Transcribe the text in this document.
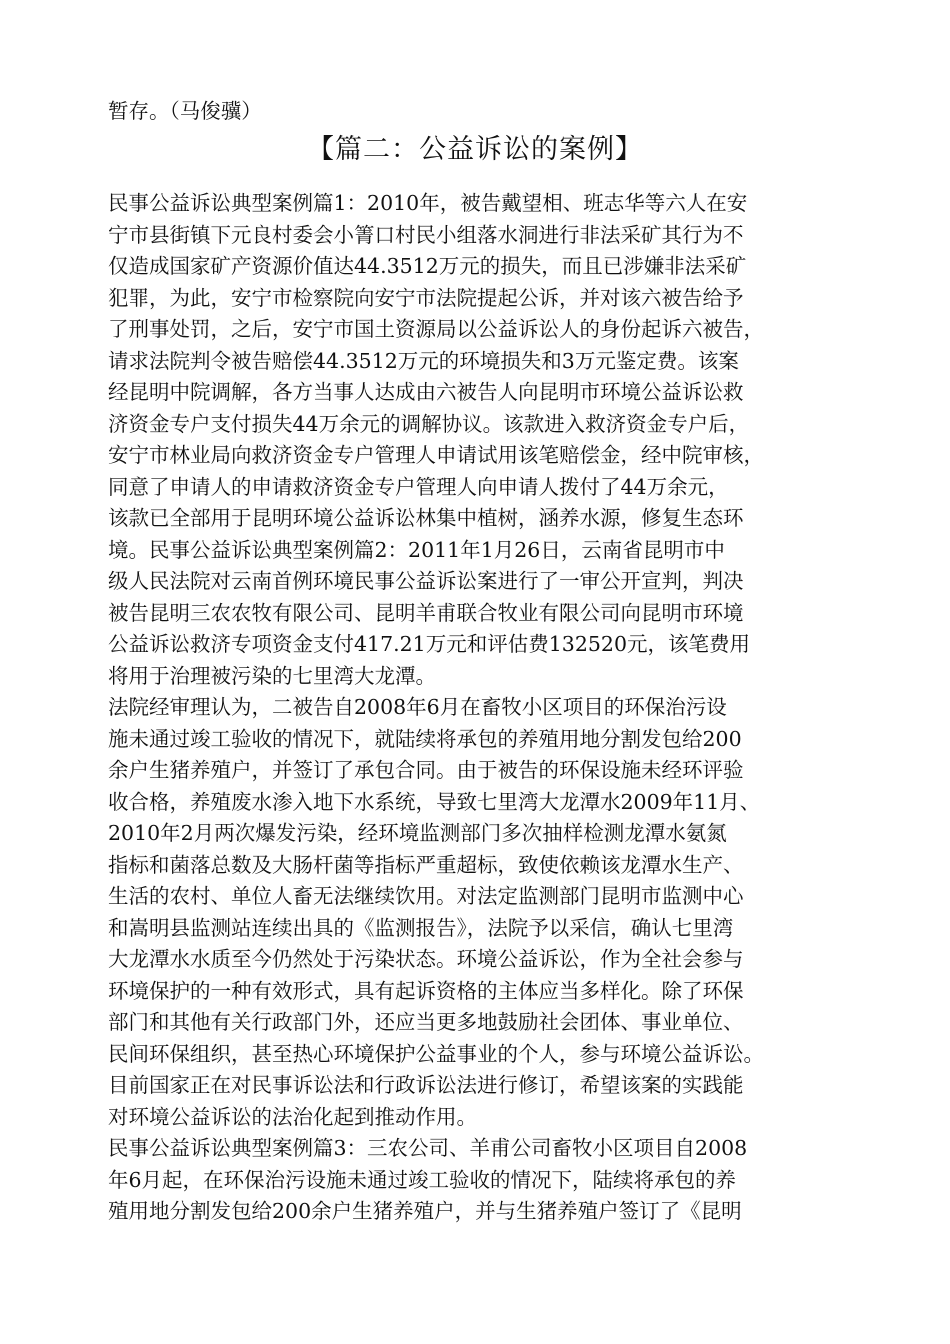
暂存。（马俊骥）
【篇二：公益诉讼的案例】
民事公益诉讼典型案例篇1：2010年，被告戴望相、班志华等六人在安
宁市县街镇下元良村委会小箐口村民小组落水洞进行非法采矿其行为不
仅造成国家矿产资源价值达44.3512万元的损失，而且已涉嫌非法采矿
犯罪，为此，安宁市检察院向安宁市法院提起公诉，并对该六被告给予
了刑事处罚，之后，安宁市国土资源局以公益诉讼人的身份起诉六被告，
请求法院判令被告赔偿44.3512万元的环境损失和3万元鉴定费。该案
经昆明中院调解，各方当事人达成由六被告人向昆明市环境公益诉讼救
济资金专户支付损失44万余元的调解协议。该款进入救济资金专户后，
安宁市林业局向救济资金专户管理人申请试用该笔赔偿金，经中院审核，
同意了申请人的申请救济资金专户管理人向申请人拨付了44万余元，
该款已全部用于昆明环境公益诉讼林集中植树，涵养水源，修复生态环
境。民事公益诉讼典型案例篇2：2011年1月26日，云南省昆明市中
级人民法院对云南首例环境民事公益诉讼案进行了一审公开宣判，判决
被告昆明三农农牧有限公司、昆明羊甫联合牧业有限公司向昆明市环境
公益诉讼救济专项资金支付417.21万元和评估费132520元，该笔费用
将用于治理被污染的七里湾大龙潭。
法院经审理认为，二被告自2008年6月在畜牧小区项目的环保治污设
施未通过竣工验收的情况下，就陆续将承包的养殖用地分割发包给200
余户生猪养殖户，并签订了承包合同。由于被告的环保设施未经环评验
收合格，养殖废水渗入地下水系统，导致七里湾大龙潭水2009年11月、
2010年2月两次爆发污染，经环境监测部门多次抽样检测龙潭水氨氮
指标和菌落总数及大肠杆菌等指标严重超标，致使依赖该龙潭水生产、
生活的农村、单位人畜无法继续饮用。对法定监测部门昆明市监测中心
和嵩明县监测站连续出具的《监测报告》，法院予以采信，确认七里湾
大龙潭水水质至今仍然处于污染状态。环境公益诉讼，作为全社会参与
环境保护的一种有效形式，具有起诉资格的主体应当多样化。除了环保
部门和其他有关行政部门外，还应当更多地鼓励社会团体、事业单位、
民间环保组织，甚至热心环境保护公益事业的个人，参与环境公益诉讼。
目前国家正在对民事诉讼法和行政诉讼法进行修订，希望该案的实践能
对环境公益诉讼的法治化起到推动作用。
民事公益诉讼典型案例篇3：三农公司、羊甫公司畜牧小区项目自2008
年6月起，在环保治污设施未通过竣工验收的情况下，陆续将承包的养
殖用地分割发包给200余户生猪养殖户，并与生猪养殖户签订了《昆明
